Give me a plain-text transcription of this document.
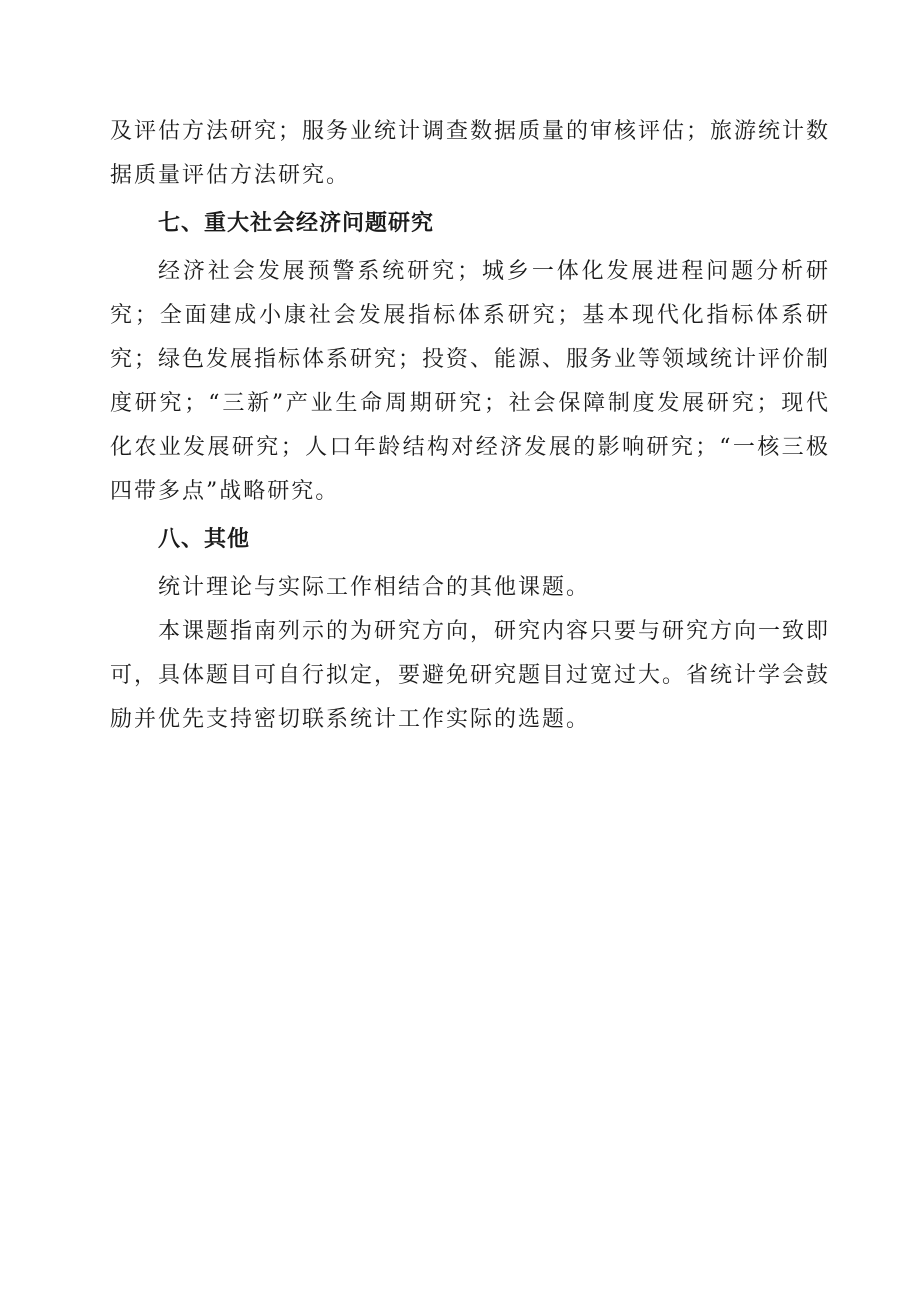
及评估方法研究；服务业统计调查数据质量的审核评估；旅游统计数据质量评估方法研究。

七、重大社会经济问题研究

经济社会发展预警系统研究；城乡一体化发展进程问题分析研究；全面建成小康社会发展指标体系研究；基本现代化指标体系研究；绿色发展指标体系研究；投资、能源、服务业等领域统计评价制度研究；“三新”产业生命周期研究；社会保障制度发展研究；现代化农业发展研究；人口年龄结构对经济发展的影响研究；“一核三极四带多点”战略研究。

八、其他

统计理论与实际工作相结合的其他课题。

本课题指南列示的为研究方向，研究内容只要与研究方向一致即可，具体题目可自行拟定，要避免研究题目过宽过大。省统计学会鼓励并优先支持密切联系统计工作实际的选题。
